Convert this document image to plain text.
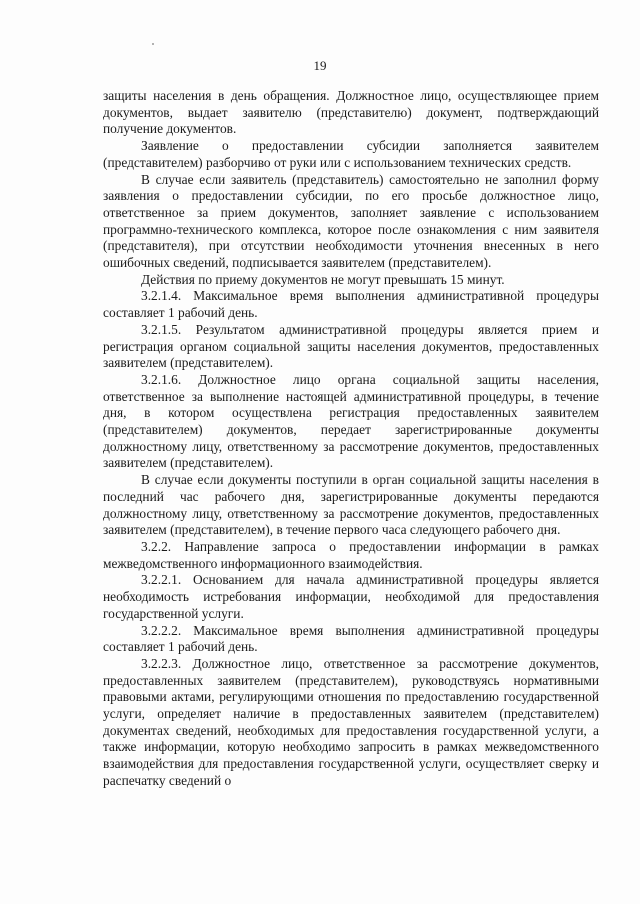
19

защиты населения в день обращения. Должностное лицо, осуществляющее прием документов, выдает заявителю (представителю) документ, подтверждающий получение документов.

Заявление о предоставлении субсидии заполняется заявителем (представителем) разборчиво от руки или с использованием технических средств.

В случае если заявитель (представитель) самостоятельно не заполнил форму заявления о предоставлении субсидии, по его просьбе должностное лицо, ответственное за прием документов, заполняет заявление с использованием программно-технического комплекса, которое после ознакомления с ним заявителя (представителя), при отсутствии необходимости уточнения внесенных в него ошибочных сведений, подписывается заявителем (представителем).

Действия по приему документов не могут превышать 15 минут.

3.2.1.4. Максимальное время выполнения административной процедуры составляет 1 рабочий день.

3.2.1.5. Результатом административной процедуры является прием и регистрация органом социальной защиты населения документов, предоставленных заявителем (представителем).

3.2.1.6. Должностное лицо органа социальной защиты населения, ответственное за выполнение настоящей административной процедуры, в течение дня, в котором осуществлена регистрация предоставленных заявителем (представителем) документов, передает зарегистрированные документы должностному лицу, ответственному за рассмотрение документов, предоставленных заявителем (представителем).

В случае если документы поступили в орган социальной защиты населения в последний час рабочего дня, зарегистрированные документы передаются должностному лицу, ответственному за рассмотрение документов, предоставленных заявителем (представителем), в течение первого часа следующего рабочего дня.

3.2.2. Направление запроса о предоставлении информации в рамках межведомственного информационного взаимодействия.

3.2.2.1. Основанием для начала административной процедуры является необходимость истребования информации, необходимой для предоставления государственной услуги.

3.2.2.2. Максимальное время выполнения административной процедуры составляет 1 рабочий день.

3.2.2.3. Должностное лицо, ответственное за рассмотрение документов, предоставленных заявителем (представителем), руководствуясь нормативными правовыми актами, регулирующими отношения по предоставлению государственной услуги, определяет наличие в предоставленных заявителем (представителем) документах сведений, необходимых для предоставления государственной услуги, а также информации, которую необходимо запросить в рамках межведомственного взаимодействия для предоставления государственной услуги, осуществляет сверку и распечатку сведений о
